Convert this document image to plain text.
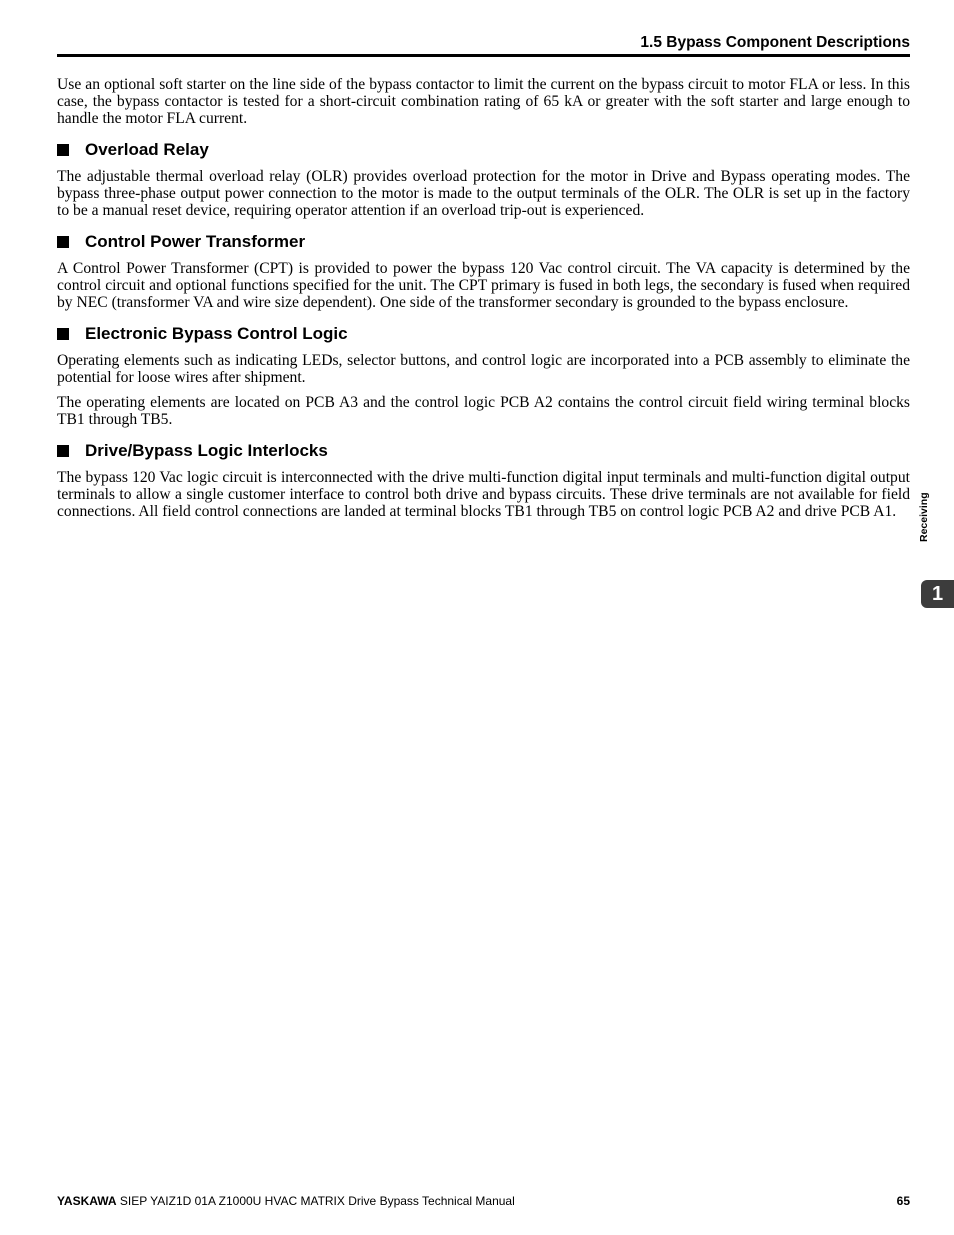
1.5 Bypass Component Descriptions

Use an optional soft starter on the line side of the bypass contactor to limit the current on the bypass circuit to motor FLA or less. In this case, the bypass contactor is tested for a short-circuit combination rating of 65 kA or greater with the soft starter and large enough to handle the motor FLA current.

Overload Relay

The adjustable thermal overload relay (OLR) provides overload protection for the motor in Drive and Bypass operating modes. The bypass three-phase output power connection to the motor is made to the output terminals of the OLR. The OLR is set up in the factory to be a manual reset device, requiring operator attention if an overload trip-out is experienced.

Control Power Transformer

A Control Power Transformer (CPT) is provided to power the bypass 120 Vac control circuit. The VA capacity is determined by the control circuit and optional functions specified for the unit. The CPT primary is fused in both legs, the secondary is fused when required by NEC (transformer VA and wire size dependent). One side of the transformer secondary is grounded to the bypass enclosure.

Electronic Bypass Control Logic

Operating elements such as indicating LEDs, selector buttons, and control logic are incorporated into a PCB assembly to eliminate the potential for loose wires after shipment.

The operating elements are located on PCB A3 and the control logic PCB A2 contains the control circuit field wiring terminal blocks TB1 through TB5.

Drive/Bypass Logic Interlocks

The bypass 120 Vac logic circuit is interconnected with the drive multi-function digital input terminals and multi-function digital output terminals to allow a single customer interface to control both drive and bypass circuits. These drive terminals are not available for field connections. All field control connections are landed at terminal blocks TB1 through TB5 on control logic PCB A2 and drive PCB A1.	Receiving
1
YASKAWA SIEP YAIZ1D 01A Z1000U HVAC MATRIX Drive Bypass Technical Manual	65
